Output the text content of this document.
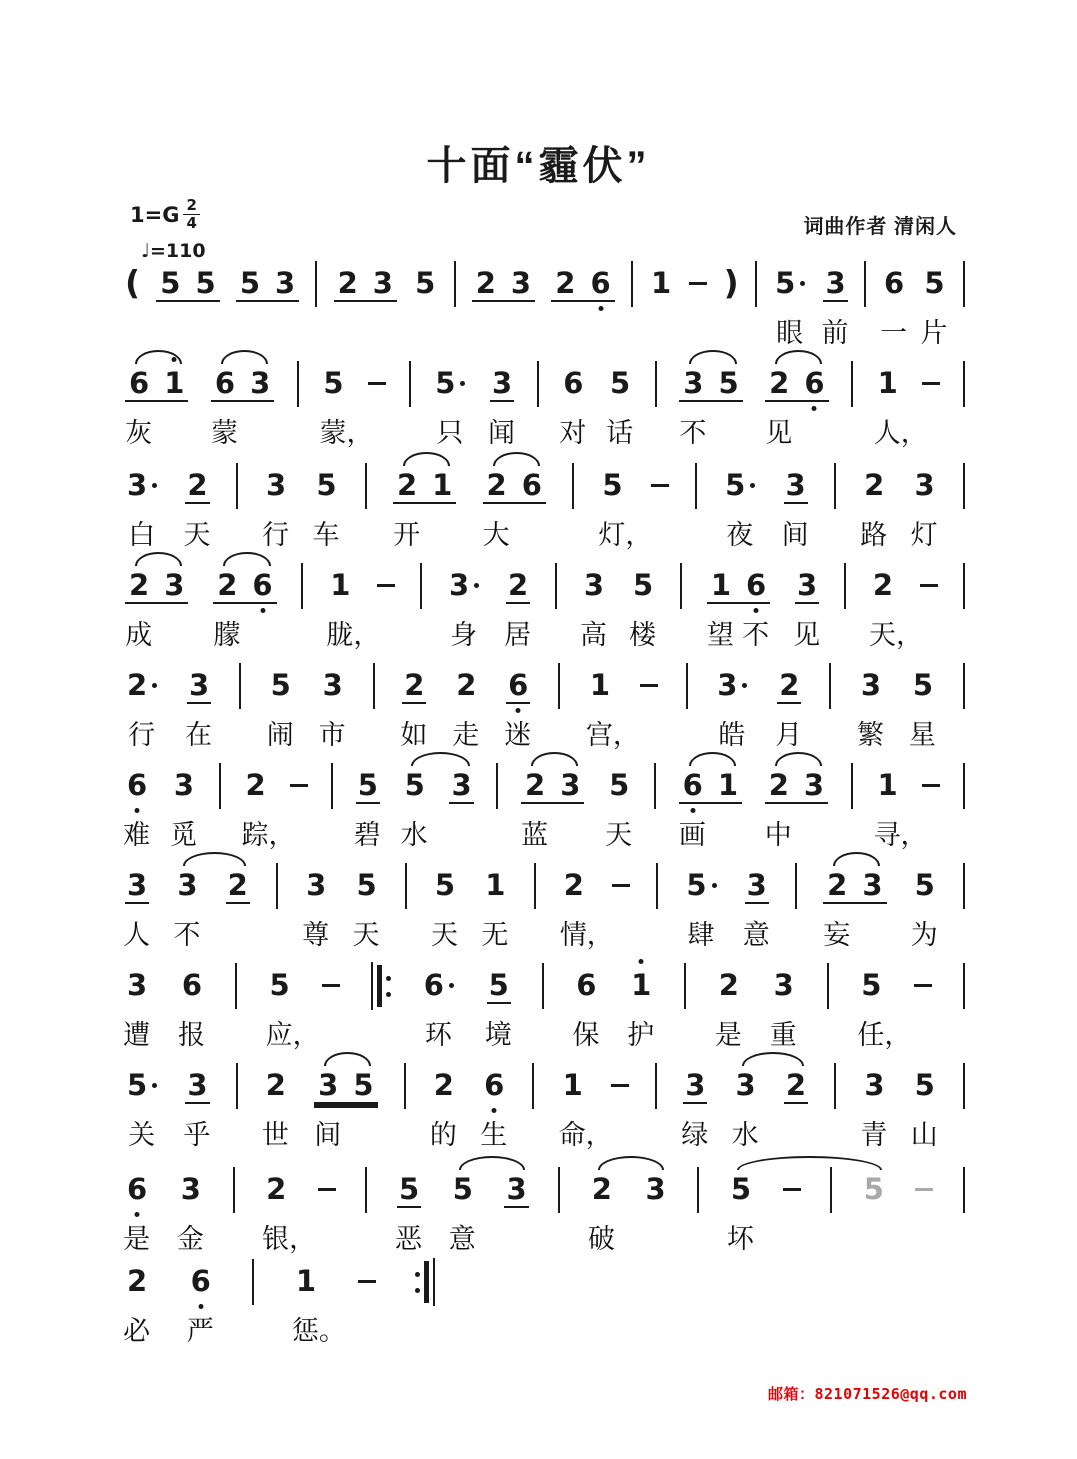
十面“霾伏”
$1=G \frac{2}{4}$
♩=110
词曲作者 清闲人
( 5 5 5 3 2 3 5 2 3 2 6 1 ) 5
眼
3
前
6
一
5
片
6
灰
1 6
蒙
3 5
蒙，
5
只
3
闻
6
对
5
话
3
不
5 2
见
6 1
人，
3
白
2
天
3
行
5
车
2
开
1 2
大
6 5
灯，
5
夜
3
间
2
路
3
灯
2
成
3 2
朦
6 1
胧，
3
身
2
居
3
高
5
楼
1
望
6
不
3
见
2
天，
2
行
3
在
5
闹
3
市
2
如
2
走
6
迷
1
宫，
3
皓
2
月
3
繁
5
星
6
难
3
觅
2
踪，
5
碧
5
水
3 2
蓝
3 5
天
6
画
1 2
中
3 1
寻，
3
人
3
不
2 3
尊
5
天
5
天
1
无
2
情，
5
肆
3
意
2
妄
3 5
为
3
遭
6
报
5
应，
6
环
5
境
6
保
1
护
2
是
3
重
5
任，
5
关
3
乎
2
世
3
间
5 2
的
6
生
1
命，
3
绿
3
水
2 3
青
5
山
6
是
3
金
2
银，
5
恶
5
意
3 2
破
3 5
坏
5
2
必
6
严
1
惩。
邮箱：821071526@qq.com
